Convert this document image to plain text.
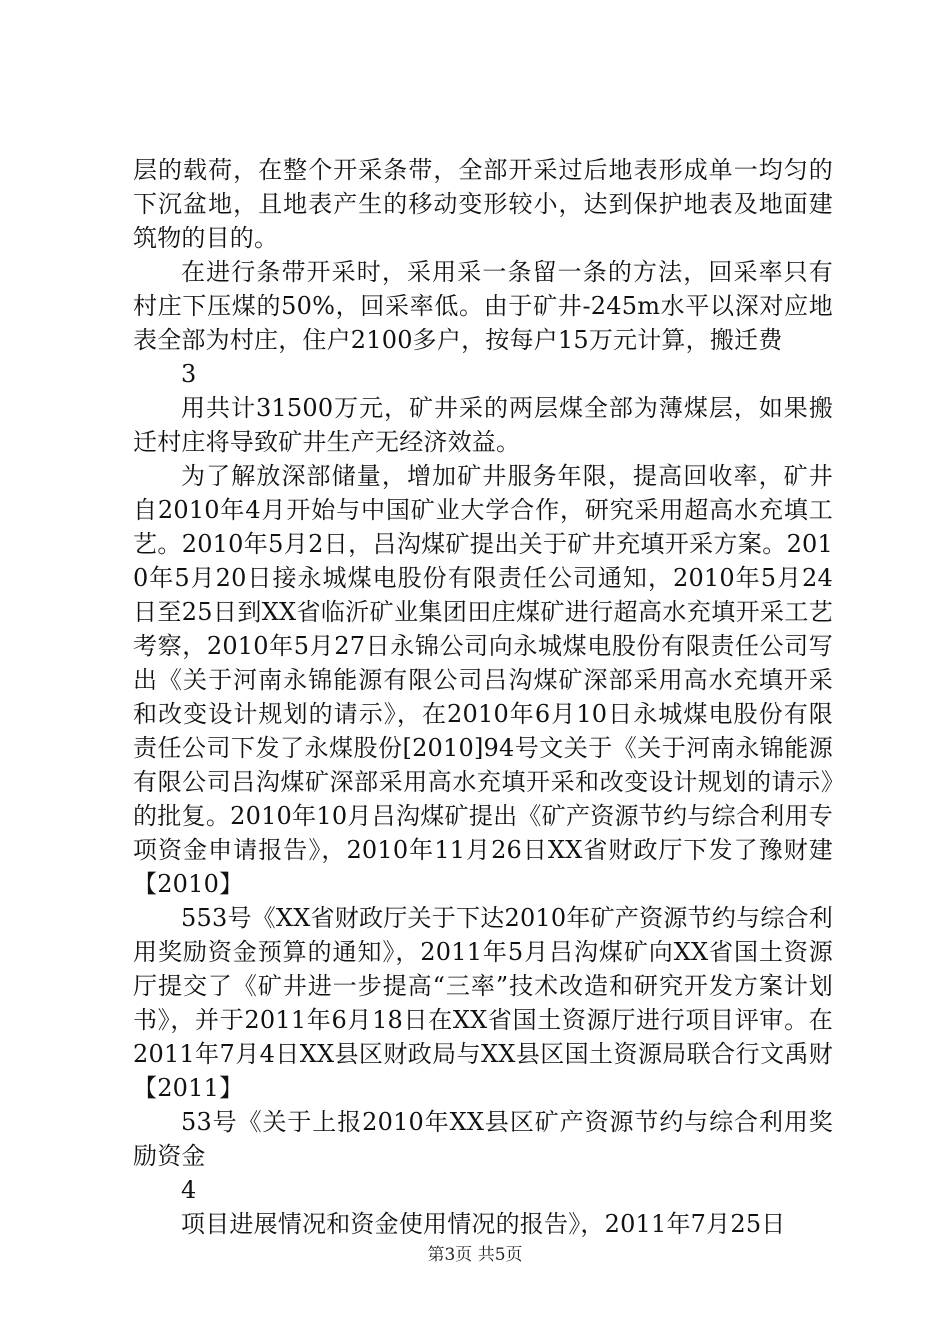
层的载荷，在整个开采条带，全部开采过后地表形成单一均匀的下沉盆地，且地表产生的移动变形较小，达到保护地表及地面建筑物的目的。

在进行条带开采时，采用采一条留一条的方法，回采率只有村庄下压煤的50%，回采率低。由于矿井-245m水平以深对应地表全部为村庄，住户2100多户，按每户15万元计算，搬迁费

3

用共计31500万元，矿井采的两层煤全部为薄煤层，如果搬迁村庄将导致矿井生产无经济效益。

为了解放深部储量，增加矿井服务年限，提高回收率，矿井自2010年4月开始与中国矿业大学合作，研究采用超高水充填工艺。2010年5月2日，吕沟煤矿提出关于矿井充填开采方案。2010年5月20日接永城煤电股份有限责任公司通知，2010年5月24日至25日到XX省临沂矿业集团田庄煤矿进行超高水充填开采工艺考察，2010年5月27日永锦公司向永城煤电股份有限责任公司写出《关于河南永锦能源有限公司吕沟煤矿深部采用高水充填开采和改变设计规划的请示》，在2010年6月10日永城煤电股份有限责任公司下发了永煤股份[2010]94号文关于《关于河南永锦能源有限公司吕沟煤矿深部采用高水充填开采和改变设计规划的请示》的批复。2010年10月吕沟煤矿提出《矿产资源节约与综合利用专项资金申请报告》，2010年11月26日XX省财政厅下发了豫财建【2010】

553号《XX省财政厅关于下达2010年矿产资源节约与综合利用奖励资金预算的通知》，2011年5月吕沟煤矿向XX省国土资源厅提交了《矿井进一步提高“三率”技术改造和研究开发方案计划书》，并于2011年6月18日在XX省国土资源厅进行项目评审。在2011年7月4日XX县区财政局与XX县区国土资源局联合行文禹财【2011】

53号《关于上报2010年XX县区矿产资源节约与综合利用奖励资金

4

项目进展情况和资金使用情况的报告》，2011年7月25日

第3页 共5页
